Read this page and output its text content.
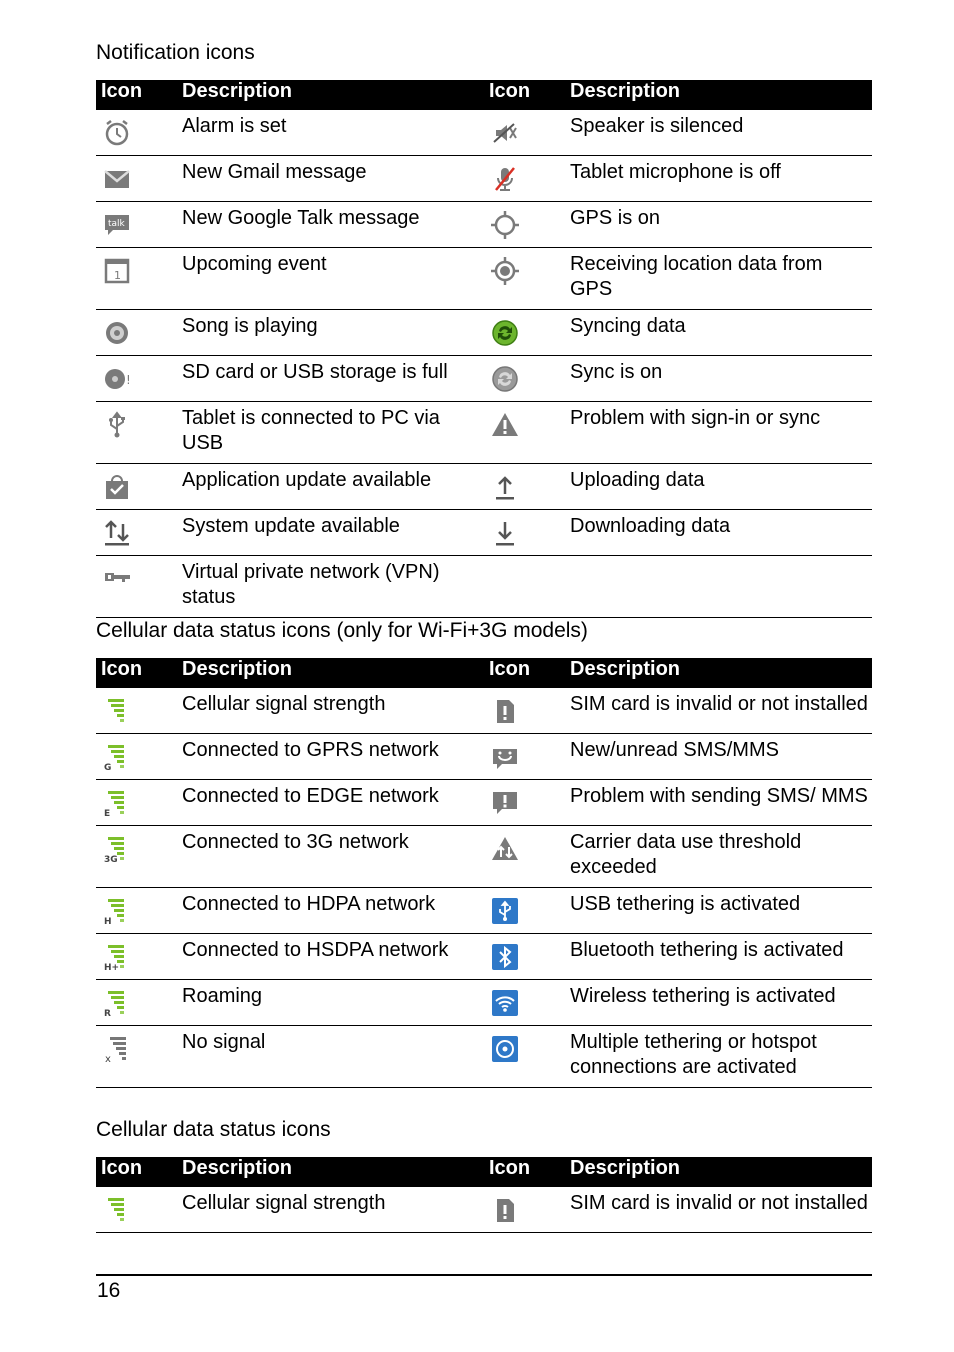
Notification icons
Icon	Description	Icon	Description

	Alarm is set		Speaker is silenced

	New Gmail message		Tablet microphone is off

talk	New Google Talk message		GPS is on

1	Upcoming event		Receiving location data from GPS

	Song is playing		Syncing data

!	SD card or USB storage is full		Sync is on

	Tablet is connected to PC via USB		Problem with sign-in or sync

	Application update available		Uploading data

	System update available		Downloading data

	Virtual private network (VPN) status		
Cellular data status icons (only for Wi-Fi+3G models)
Icon	Description	Icon	Description

	Cellular signal strength		SIM card is invalid or not installed

G	Connected to GPRS network		New/unread SMS/MMS

E	Connected to EDGE network		Problem with sending SMS/ MMS

3G	Connected to 3G network		Carrier data use threshold exceeded

H	Connected to HDPA network		USB tethering is activated

H+	Connected to HSDPA network		Bluetooth tethering is activated

R	Roaming		Wireless tethering is activated

x	No signal		Multiple tethering or hotspot connections are activated
Cellular data status icons
Icon	Description	Icon	Description

	Cellular signal strength		SIM card is invalid or not installed
16
